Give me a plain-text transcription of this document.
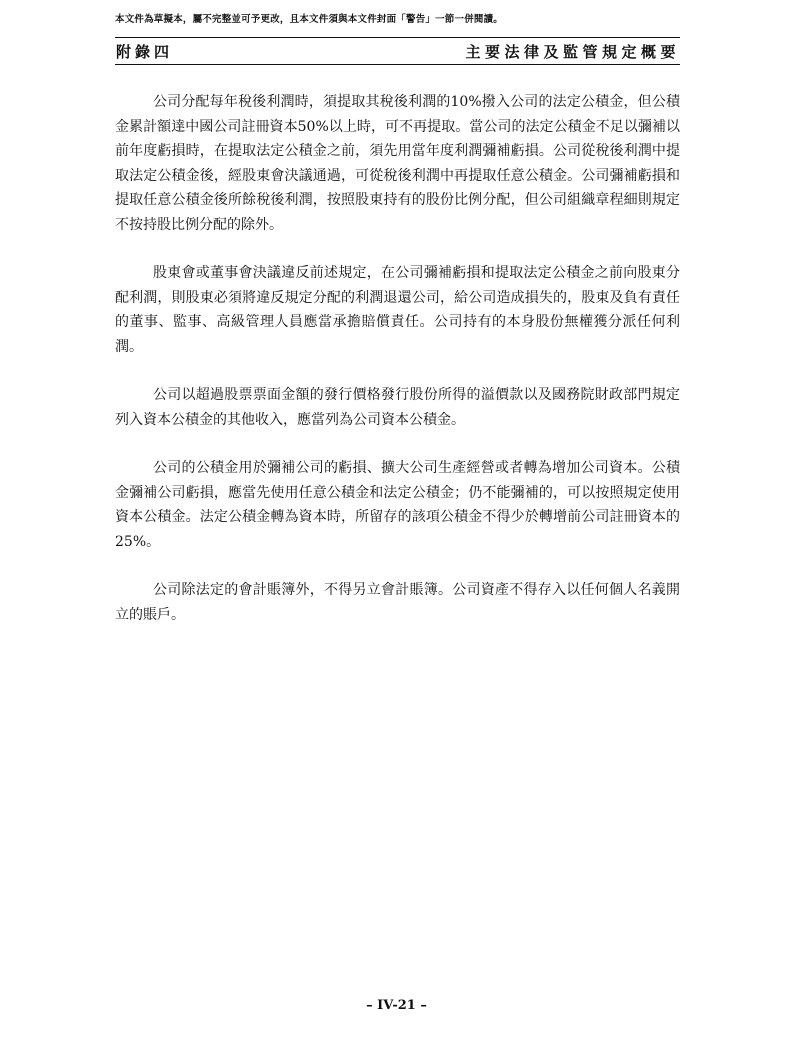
本文件為草擬本，屬不完整並可予更改，且本文件須與本文件封面「警告」一節一併閱讀。
附錄四	主要法律及監管規定概要

公司分配每年稅後利潤時，須提取其稅後利潤的10%撥入公司的法定公積金，但公積金累計額達中國公司註冊資本50%以上時，可不再提取。當公司的法定公積金不足以彌補以前年度虧損時，在提取法定公積金之前，須先用當年度利潤彌補虧損。公司從稅後利潤中提取法定公積金後，經股東會決議通過，可從稅後利潤中再提取任意公積金。公司彌補虧損和提取任意公積金後所餘稅後利潤，按照股東持有的股份比例分配，但公司組織章程細則規定不按持股比例分配的除外。

股東會或董事會決議違反前述規定，在公司彌補虧損和提取法定公積金之前向股東分配利潤，則股東必須將違反規定分配的利潤退還公司，給公司造成損失的，股東及負有責任的董事、監事、高級管理人員應當承擔賠償責任。公司持有的本身股份無權獲分派任何利潤。

公司以超過股票票面金額的發行價格發行股份所得的溢價款以及國務院財政部門規定列入資本公積金的其他收入，應當列為公司資本公積金。

公司的公積金用於彌補公司的虧損、擴大公司生產經營或者轉為增加公司資本。公積金彌補公司虧損，應當先使用任意公積金和法定公積金；仍不能彌補的，可以按照規定使用資本公積金。法定公積金轉為資本時，所留存的該項公積金不得少於轉增前公司註冊資本的25%。

公司除法定的會計賬簿外，不得另立會計賬簿。公司資產不得存入以任何個人名義開立的賬戶。

– IV-21 –
